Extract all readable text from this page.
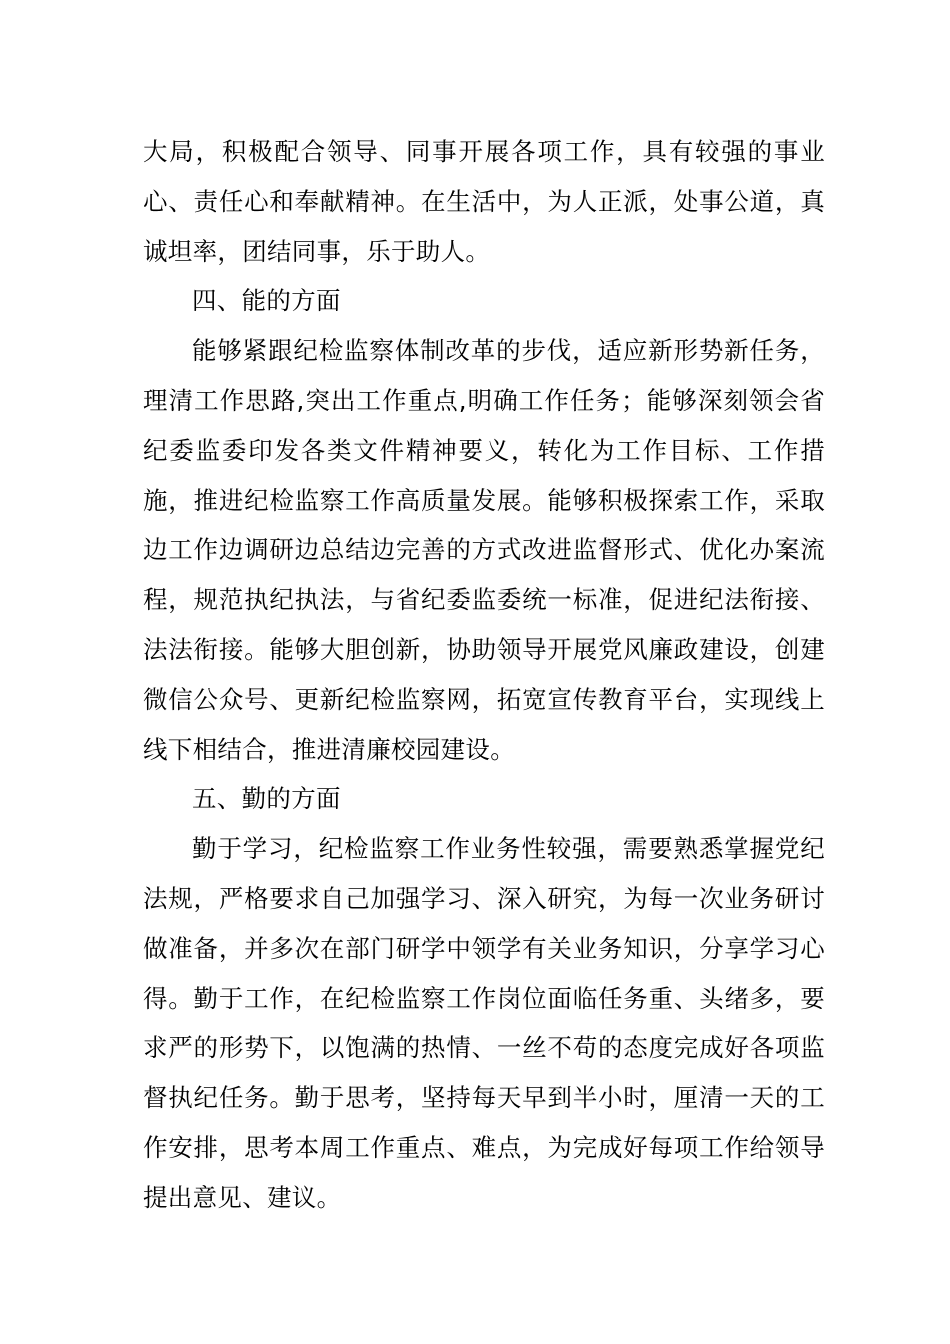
大局，积极配合领导、同事开展各项工作，具有较强的事业心、责任心和奉献精神。在生活中，为人正派，处事公道，真诚坦率，团结同事，乐于助人。

四、能的方面

能够紧跟纪检监察体制改革的步伐，适应新形势新任务，理清工作思路,突出工作重点,明确工作任务；能够深刻领会省纪委监委印发各类文件精神要义，转化为工作目标、工作措施，推进纪检监察工作高质量发展。能够积极探索工作，采取边工作边调研边总结边完善的方式改进监督形式、优化办案流程，规范执纪执法，与省纪委监委统一标准，促进纪法衔接、法法衔接。能够大胆创新，协助领导开展党风廉政建设，创建微信公众号、更新纪检监察网，拓宽宣传教育平台，实现线上线下相结合，推进清廉校园建设。

五、勤的方面

勤于学习，纪检监察工作业务性较强，需要熟悉掌握党纪法规，严格要求自己加强学习、深入研究，为每一次业务研讨做准备，并多次在部门研学中领学有关业务知识，分享学习心得。勤于工作，在纪检监察工作岗位面临任务重、头绪多，要求严的形势下，以饱满的热情、一丝不苟的态度完成好各项监督执纪任务。勤于思考，坚持每天早到半小时，厘清一天的工作安排，思考本周工作重点、难点，为完成好每项工作给领导提出意见、建议。
